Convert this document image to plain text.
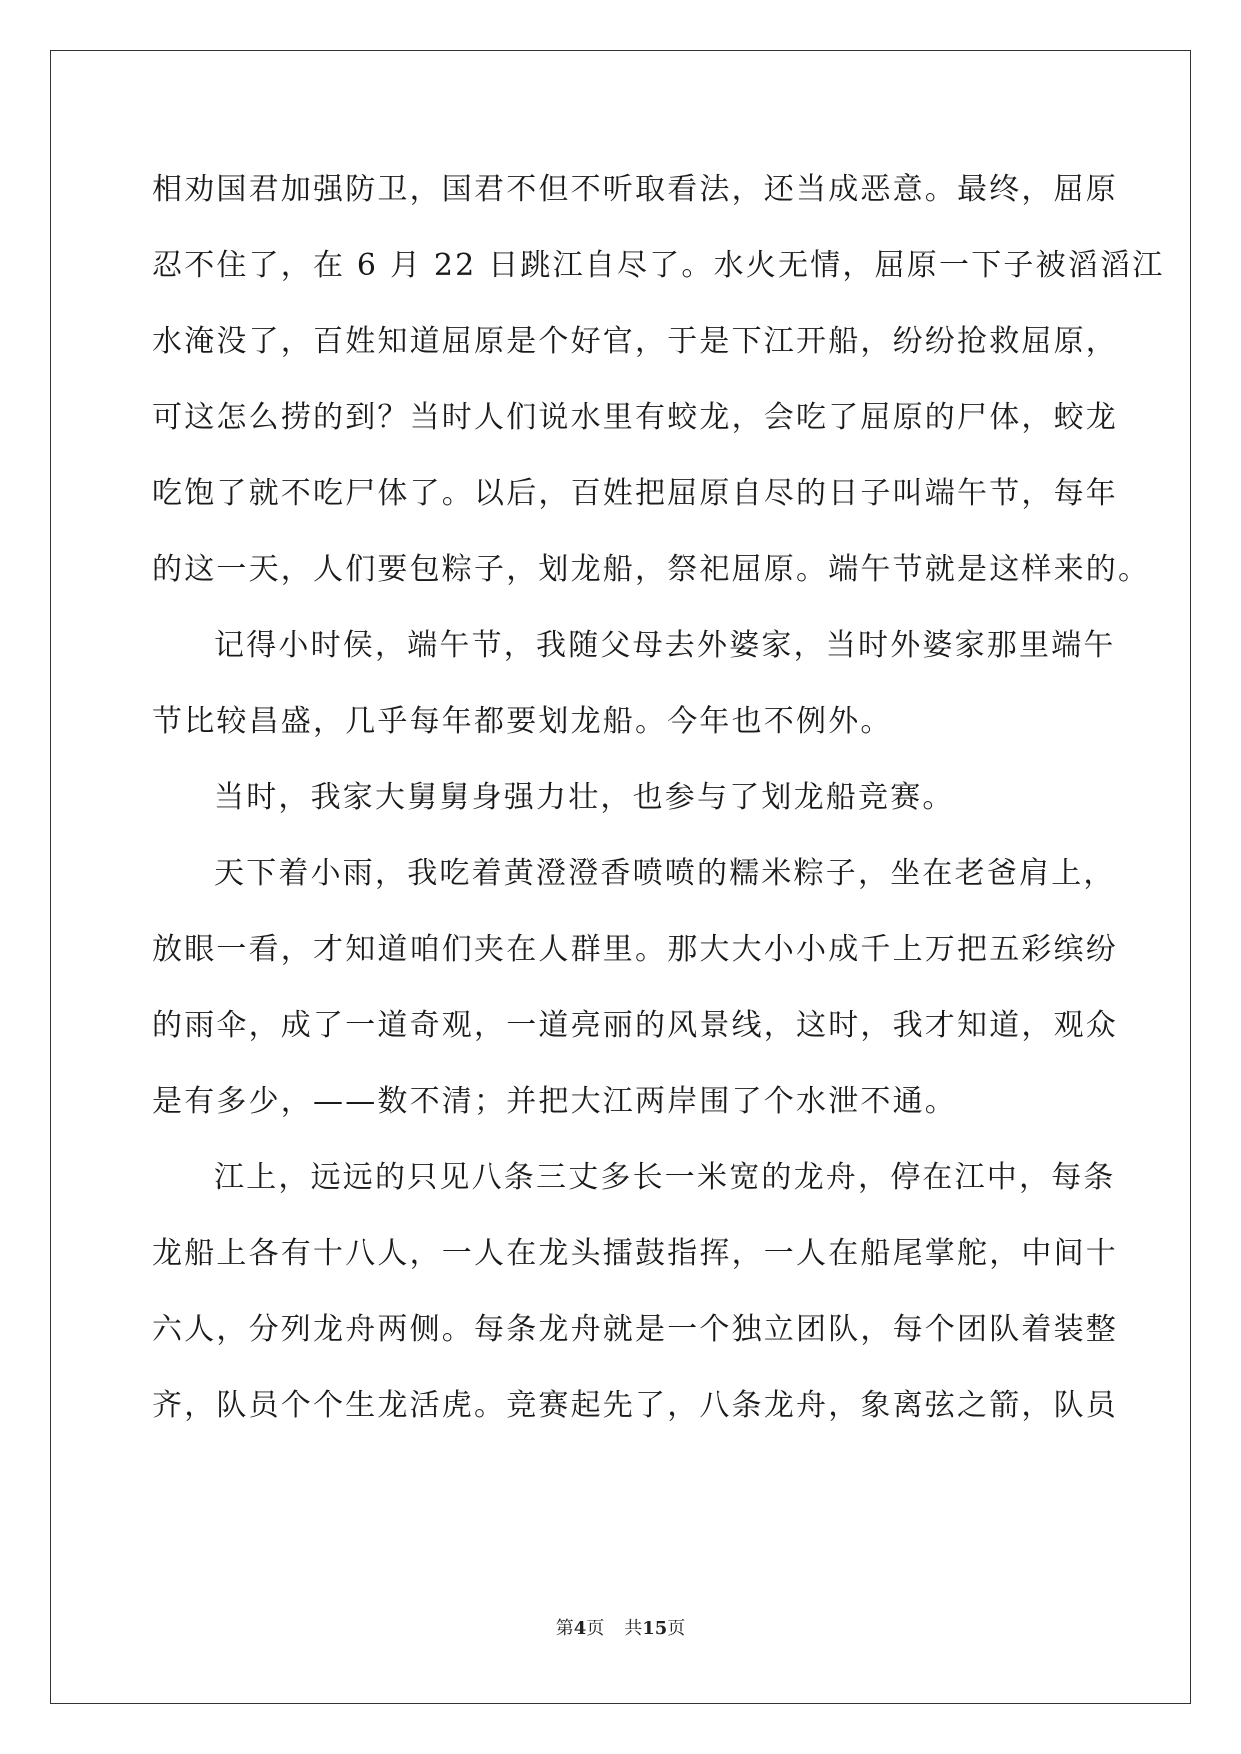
相劝国君加强防卫，国君不但不听取看法，还当成恶意。最终，屈原
忍不住了，在 6 月 22 日跳江自尽了。水火无情，屈原一下子被滔滔江
水淹没了，百姓知道屈原是个好官，于是下江开船，纷纷抢救屈原，
可这怎么捞的到？当时人们说水里有蛟龙，会吃了屈原的尸体，蛟龙
吃饱了就不吃尸体了。以后，百姓把屈原自尽的日子叫端午节，每年
的这一天，人们要包粽子，划龙船，祭祀屈原。端午节就是这样来的。
记得小时侯，端午节，我随父母去外婆家，当时外婆家那里端午
节比较昌盛，几乎每年都要划龙船。今年也不例外。
当时，我家大舅舅身强力壮，也参与了划龙船竞赛。
天下着小雨，我吃着黄澄澄香喷喷的糯米粽子，坐在老爸肩上，
放眼一看，才知道咱们夹在人群里。那大大小小成千上万把五彩缤纷
的雨伞，成了一道奇观，一道亮丽的风景线，这时，我才知道，观众
是有多少，——数不清；并把大江两岸围了个水泄不通。
江上，远远的只见八条三丈多长一米宽的龙舟，停在江中，每条
龙船上各有十八人，一人在龙头擂鼓指挥，一人在船尾掌舵，中间十
六人，分列龙舟两侧。每条龙舟就是一个独立团队，每个团队着装整
齐，队员个个生龙活虎。竞赛起先了，八条龙舟，象离弦之箭，队员
第4页 共15页
